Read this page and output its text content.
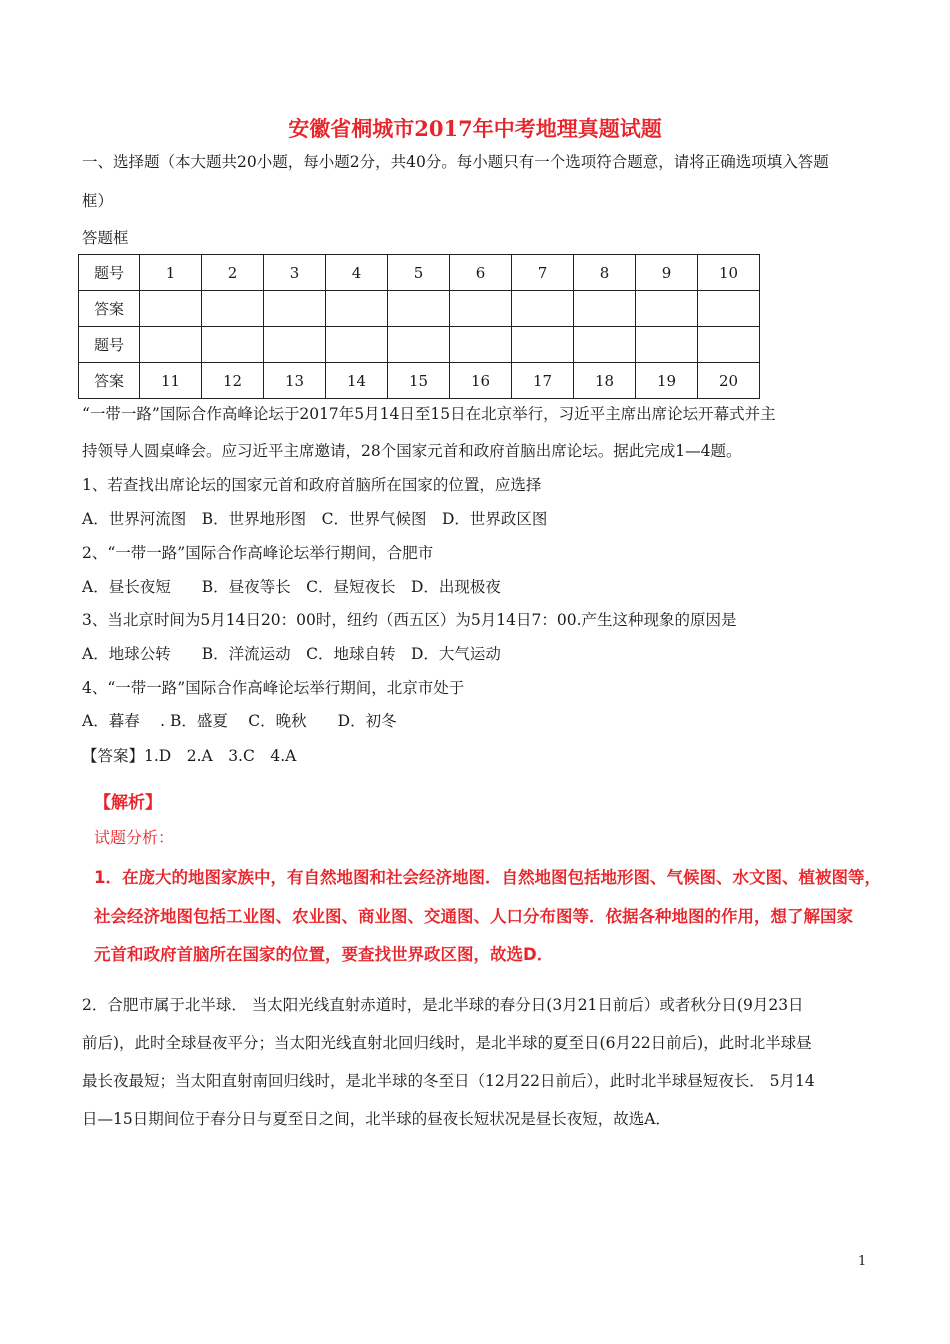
安徽省桐城市2017年中考地理真题试题
一、选择题（本大题共20小题，每小题2分，共40分。每小题只有一个选项符合题意，请将正确选项填入答题
框）
答题框
题号	1	2	3	4	5	6	7	8	9	10
答案										
题号										
答案	11	12	13	14	15	16	17	18	19	20
“一带一路”国际合作高峰论坛于2017年5月14日至15日在北京举行，习近平主席出席论坛开幕式并主
持领导人圆桌峰会。应习近平主席邀请，28个国家元首和政府首脑出席论坛。据此完成1—4题。
1、若查找出席论坛的国家元首和政府首脑所在国家的位置，应选择
A．世界河流图　B．世界地形图　C．世界气候图　D．世界政区图
2、“一带一路”国际合作高峰论坛举行期间，合肥市
A．昼长夜短　　B．昼夜等长　C．昼短夜长　D．出现极夜
3、当北京时间为5月14日20：00时，纽约（西五区）为5月14日7：00.产生这种现象的原因是
A．地球公转　　B．洋流运动　C．地球自转　D．大气运动
4、“一带一路”国际合作高峰论坛举行期间，北京市处于
A．暮春　 . B．盛夏　 C．晚秋　　D．初冬
【答案】1.D　2.A　3.C　4.A
【解析】
试题分析：
1．在庞大的地图家族中，有自然地图和社会经济地图．自然地图包括地形图、气候图、水文图、植被图等，
社会经济地图包括工业图、农业图、商业图、交通图、人口分布图等．依据各种地图的作用，想了解国家
元首和政府首脑所在国家的位置，要查找世界政区图，故选D．
2．合肥市属于北半球． 当太阳光线直射赤道时，是北半球的春分日(3月21日前后）或者秋分日(9月23日
前后)，此时全球昼夜平分；当太阳光线直射北回归线时，是北半球的夏至日(6月22日前后)，此时北半球昼
最长夜最短；当太阳直射南回归线时，是北半球的冬至日（12月22日前后），此时北半球昼短夜长． 5月14
日—15日期间位于春分日与夏至日之间，北半球的昼夜长短状况是昼长夜短，故选A．
1
